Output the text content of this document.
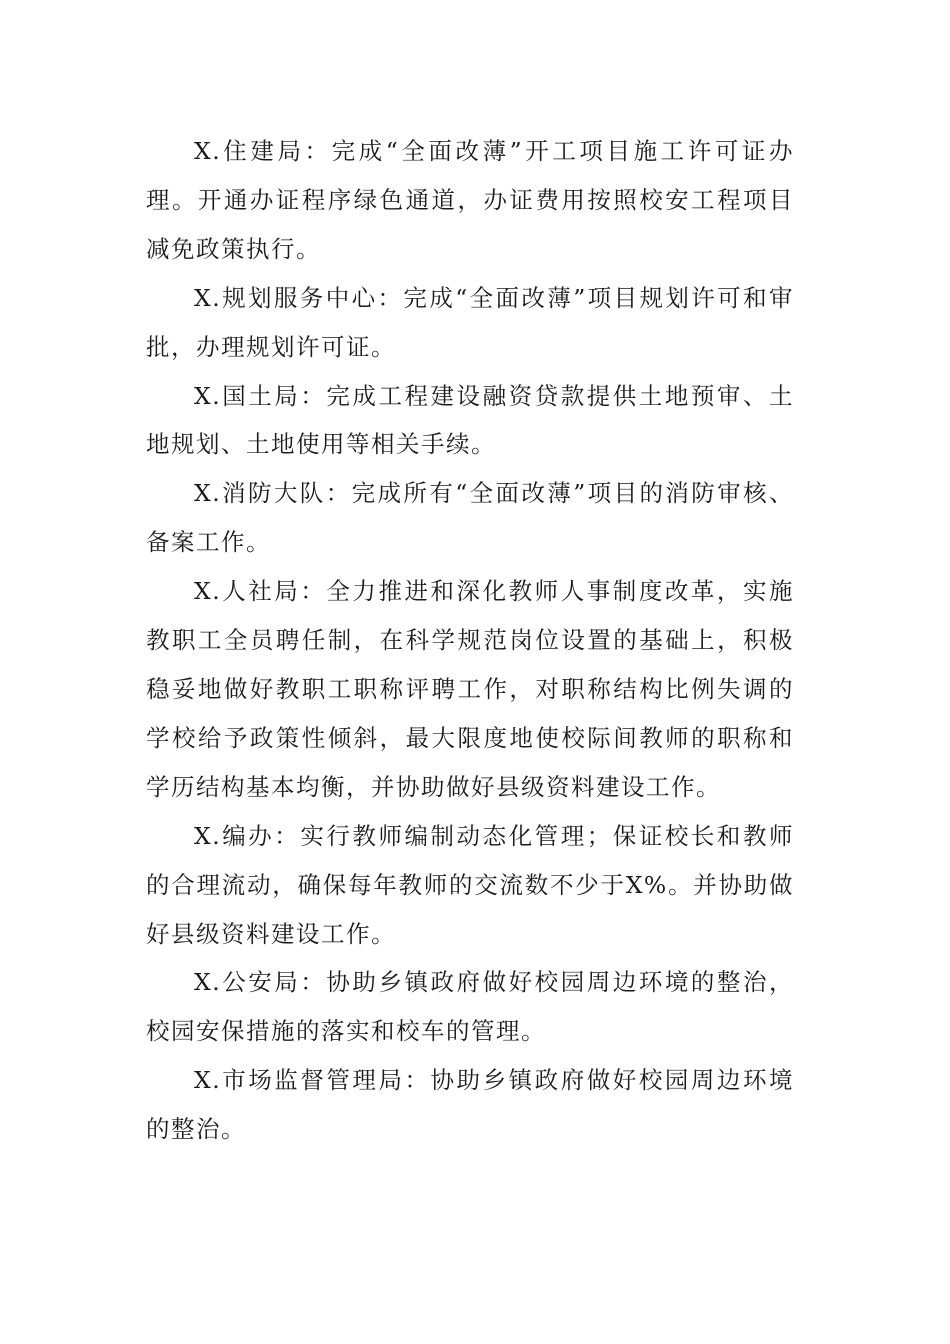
X.住建局：完成“全面改薄”开工项目施工许可证办理。开通办证程序绿色通道，办证费用按照校安工程项目减免政策执行。

X.规划服务中心：完成“全面改薄”项目规划许可和审批，办理规划许可证。

X.国土局：完成工程建设融资贷款提供土地预审、土地规划、土地使用等相关手续。

X.消防大队：完成所有“全面改薄”项目的消防审核、备案工作。

X.人社局：全力推进和深化教师人事制度改革，实施教职工全员聘任制，在科学规范岗位设置的基础上，积极稳妥地做好教职工职称评聘工作，对职称结构比例失调的学校给予政策性倾斜，最大限度地使校际间教师的职称和学历结构基本均衡，并协助做好县级资料建设工作。

X.编办：实行教师编制动态化管理；保证校长和教师的合理流动，确保每年教师的交流数不少于X%。并协助做好县级资料建设工作。

X.公安局：协助乡镇政府做好校园周边环境的整治，校园安保措施的落实和校车的管理。

X.市场监督管理局：协助乡镇政府做好校园周边环境的整治。
